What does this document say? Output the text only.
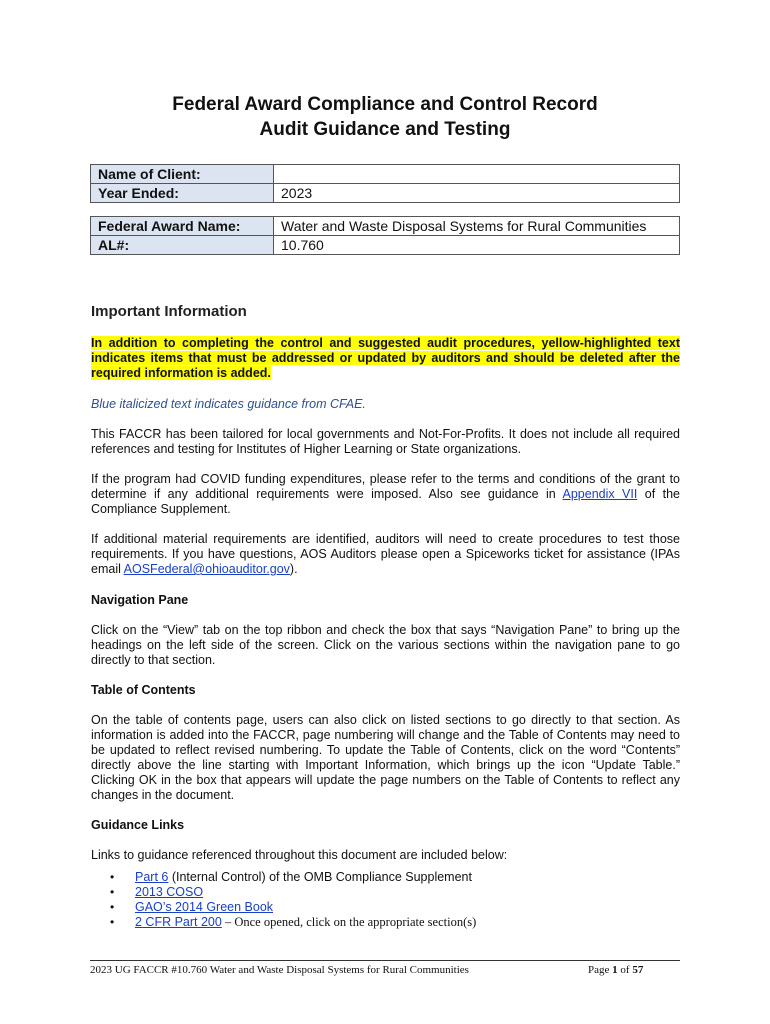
Federal Award Compliance and Control Record
Audit Guidance and Testing
Name of Client:	
Year Ended:	2023
Federal Award Name:	Water and Waste Disposal Systems for Rural Communities
AL#:	10.760
Important Information

In addition to completing the control and suggested audit procedures, yellow-highlighted text indicates items that must be addressed or updated by auditors and should be deleted after the required information is added.

Blue italicized text indicates guidance from CFAE.

This FACCR has been tailored for local governments and Not-For-Profits. It does not include all required references and testing for Institutes of Higher Learning or State organizations.

If the program had COVID funding expenditures, please refer to the terms and conditions of the grant to determine if any additional requirements were imposed. Also see guidance in Appendix VII of the Compliance Supplement.

If additional material requirements are identified, auditors will need to create procedures to test those requirements. If you have questions, AOS Auditors please open a Spiceworks ticket for assistance (IPAs email AOSFederal@ohioauditor.gov).

Navigation Pane

Click on the “View” tab on the top ribbon and check the box that says “Navigation Pane” to bring up the headings on the left side of the screen. Click on the various sections within the navigation pane to go directly to that section.

Table of Contents

On the table of contents page, users can also click on listed sections to go directly to that section. As information is added into the FACCR, page numbering will change and the Table of Contents may need to be updated to reflect revised numbering. To update the Table of Contents, click on the word “Contents” directly above the line starting with Important Information, which brings up the icon “Update Table.” Clicking OK in the box that appears will update the page numbers on the Table of Contents to reflect any changes in the document.

Guidance Links

Links to guidance referenced throughout this document are included below:

• Part 6 (Internal Control) of the OMB Compliance Supplement
• 2013 COSO
• GAO’s 2014 Green Book
• 2 CFR Part 200 – Once opened, click on the appropriate section(s)
2023 UG FACCR #10.760 Water and Waste Disposal Systems for Rural Communities	Page 1 of 57
